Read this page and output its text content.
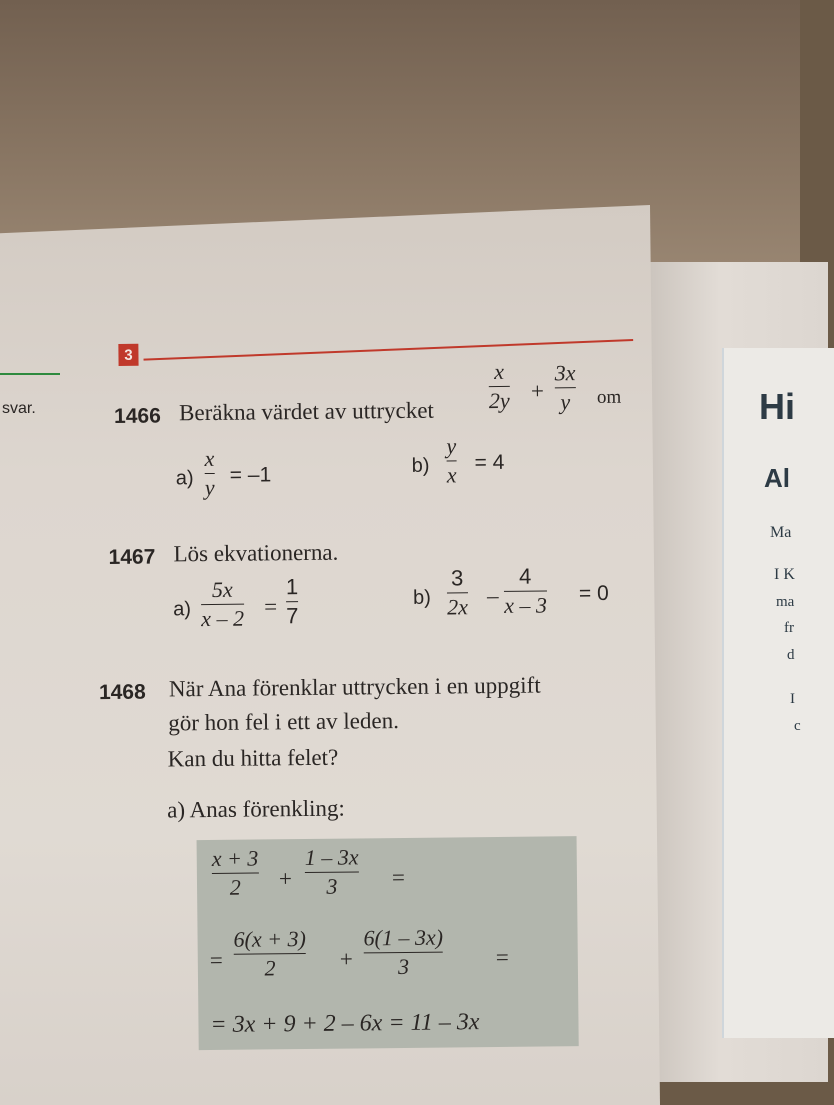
Hi
Al
Ma
I K
ma
fr
d
I
c
svar.
3
1466 Beräkna värdet av uttrycket
x
2y +
3x
y om
a)
x
y = –1	b)
y
x = 4
1467 Lös ekvationerna.
a)
5x
x – 2 =
1
7
b)
3
2x –
4
x – 3 = 0
1468 När Ana förenklar uttrycken i en uppgift
gör hon fel i ett av leden.
Kan du hitta felet?
a) Anas förenkling:
x + 3
2 +
1 – 3x
3 =
=
6(x + 3)
2	+
6(1 – 3x)
3	=
= 3x + 9 + 2 – 6x = 11 – 3x
